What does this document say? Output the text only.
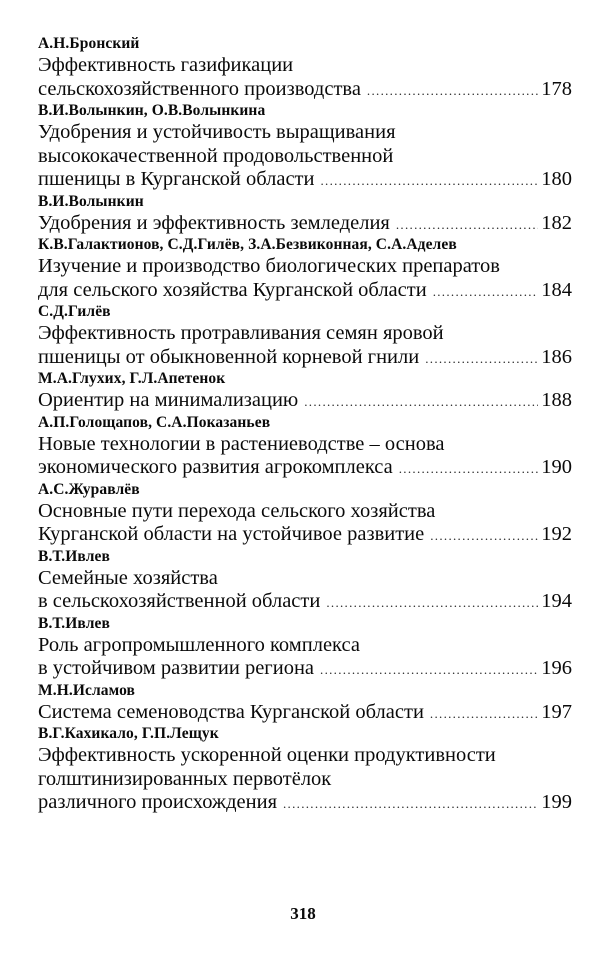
А.Н.Бронский
Эффективность газификации
сельскохозяйственного производства .....	178
В.И.Волынкин, О.В.Волынкина
Удобрения и устойчивость выращивания
высококачественной продовольственной
пшеницы в Курганской области .....	180
В.И.Волынкин
Удобрения и эффективность земледелия .....	182
К.В.Галактионов, С.Д.Гилёв, З.А.Безвиконная, С.А.Аделев
Изучение и производство биологических препаратов
для сельского хозяйства Курганской области .....	184
С.Д.Гилёв
Эффективность протравливания семян яровой
пшеницы от обыкновенной корневой гнили .....	186
М.А.Глухих, Г.Л.Апетенок
Ориентир на минимализацию .....	188
А.П.Голощапов, С.А.Показаньев
Новые технологии в растениеводстве – основа
экономического развития агрокомплекса .....	190
А.С.Журавлёв
Основные пути перехода сельского хозяйства
Курганской области на устойчивое развитие .....	192
В.Т.Ивлев
Семейные хозяйства
в сельскохозяйственной области .....	194
В.Т.Ивлев
Роль агропромышленного комплекса
в устойчивом развитии региона .....	196
М.Н.Исламов
Система семеноводства Курганской области .....	197
В.Г.Кахикало, Г.П.Лещук
Эффективность ускоренной оценки продуктивности
голштинизированных первотёлок
различного происхождения .....	199
318
